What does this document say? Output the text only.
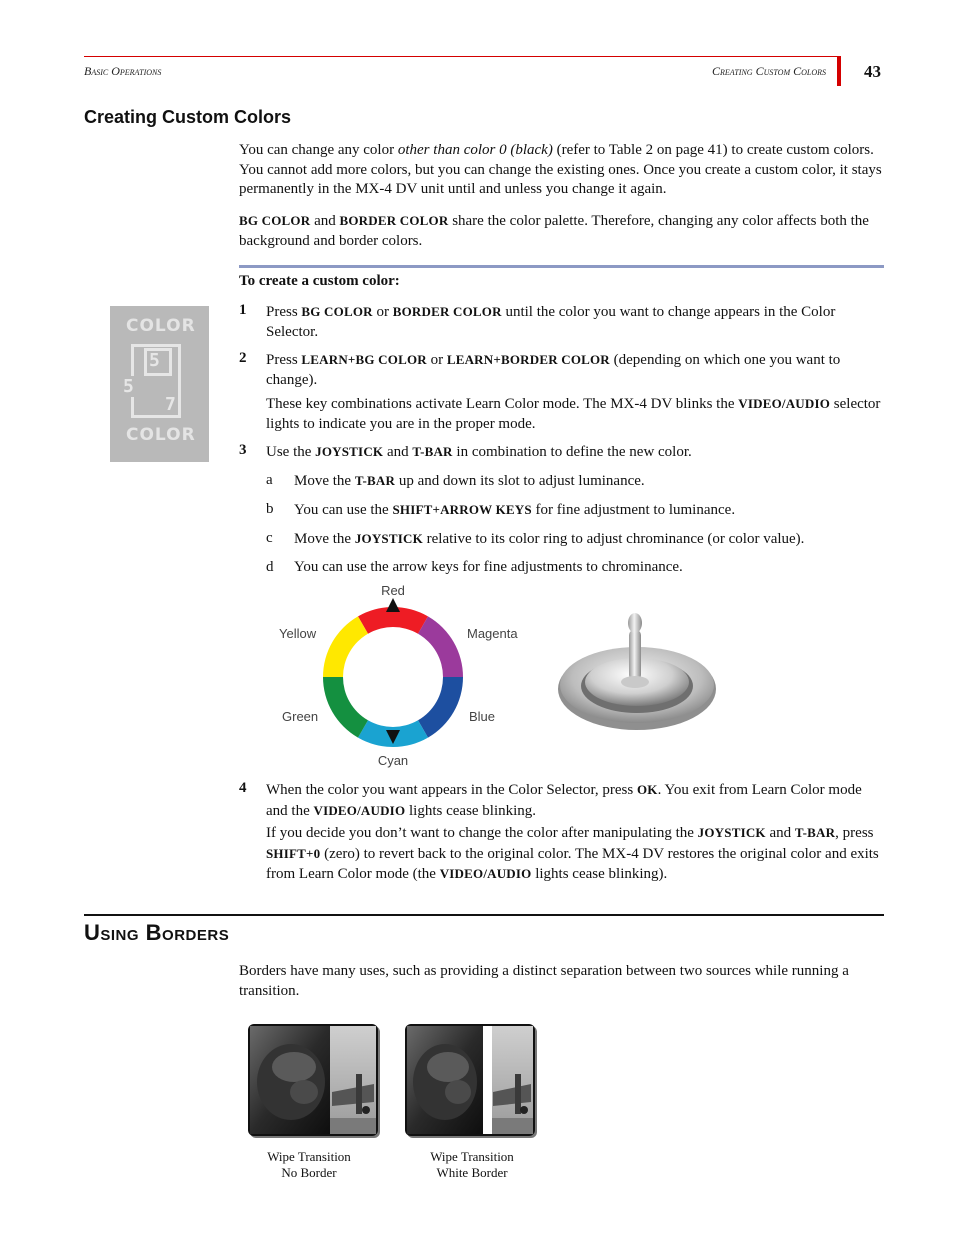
Basic Operations	Creating Custom Colors 43
Creating Custom Colors

You can change any color other than color 0 (black) (refer to Table 2 on page 41) to create custom colors. You cannot add more colors, but you can change the existing ones. Once you create a custom color, it stays permanently in the MX-4 DV unit until and unless you change it again.

BG COLOR and BORDER COLOR share the color palette. Therefore, changing any color affects both the background and border colors.

To create a custom color:
COLOR
5
5
7
COLOR
1 Press BG COLOR or BORDER COLOR until the color you want to change appears in the Color Selector.

2 Press LEARN+BG COLOR or LEARN+BORDER COLOR (depending on which one you want to change).

These key combinations activate Learn Color mode. The MX-4 DV blinks the VIDEO/AUDIO selector lights to indicate you are in the proper mode.

3 Use the JOYSTICK and T-BAR in combination to define the new color.

a Move the T-BAR up and down its slot to adjust luminance.

b You can use the SHIFT+ARROW KEYS for fine adjustment to luminance.

c Move the JOYSTICK relative to its color ring to adjust chrominance (or color value).

d You can use the arrow keys for fine adjustments to chrominance.

Red
Magenta
Blue
Cyan
Green
Yellow
4 When the color you want appears in the Color Selector, press OK. You exit from Learn Color mode and the VIDEO/AUDIO lights cease blinking.

If you decide you don’t want to change the color after manipulating the JOYSTICK and T-BAR, press SHIFT+0 (zero) to revert back to the original color. The MX-4 DV restores the original color and exits from Learn Color mode (the VIDEO/AUDIO lights cease blinking).

Using Borders

Borders have many uses, such as providing a distinct separation between two sources while running a transition.

Wipe Transition
No Border
Wipe Transition
White Border
